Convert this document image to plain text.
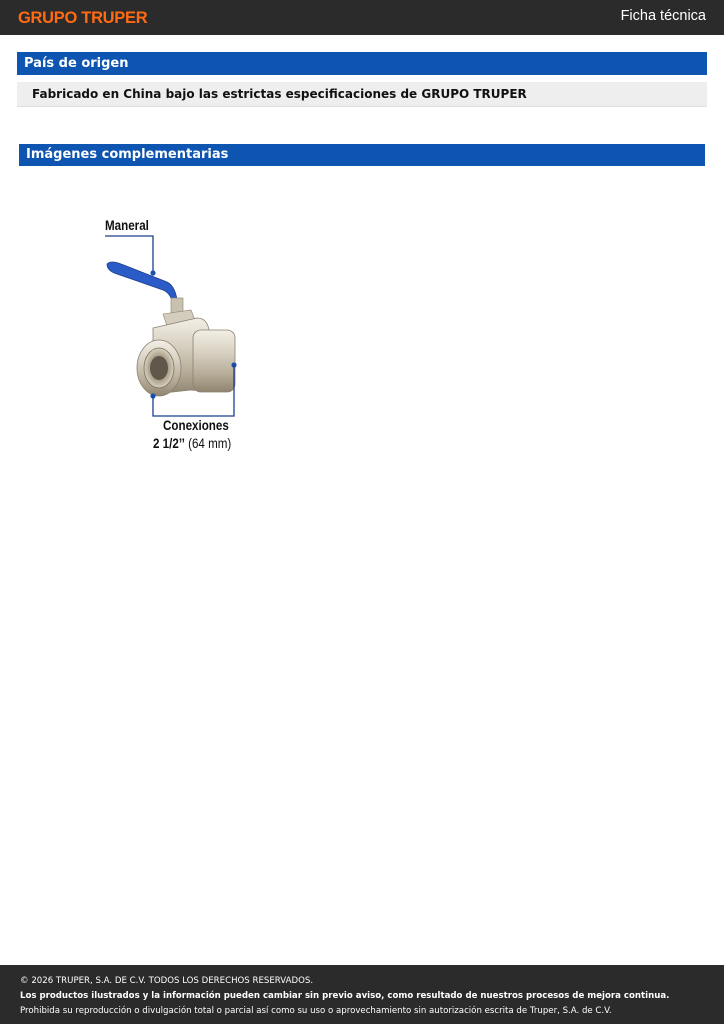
GRUPO TRUPER	Ficha técnica
País de origen
Fabricado en China bajo las estrictas especificaciones de GRUPO TRUPER
Imágenes complementarias
Maneral
Conexiones
2 1/2’’ (64 mm)
© 2026 TRUPER, S.A. DE C.V. TODOS LOS DERECHOS RESERVADOS.
Los productos ilustrados y la información pueden cambiar sin previo aviso, como resultado de nuestros procesos de mejora continua.
Prohibida su reproducción o divulgación total o parcial así como su uso o aprovechamiento sin autorización escrita de Truper, S.A. de C.V.
